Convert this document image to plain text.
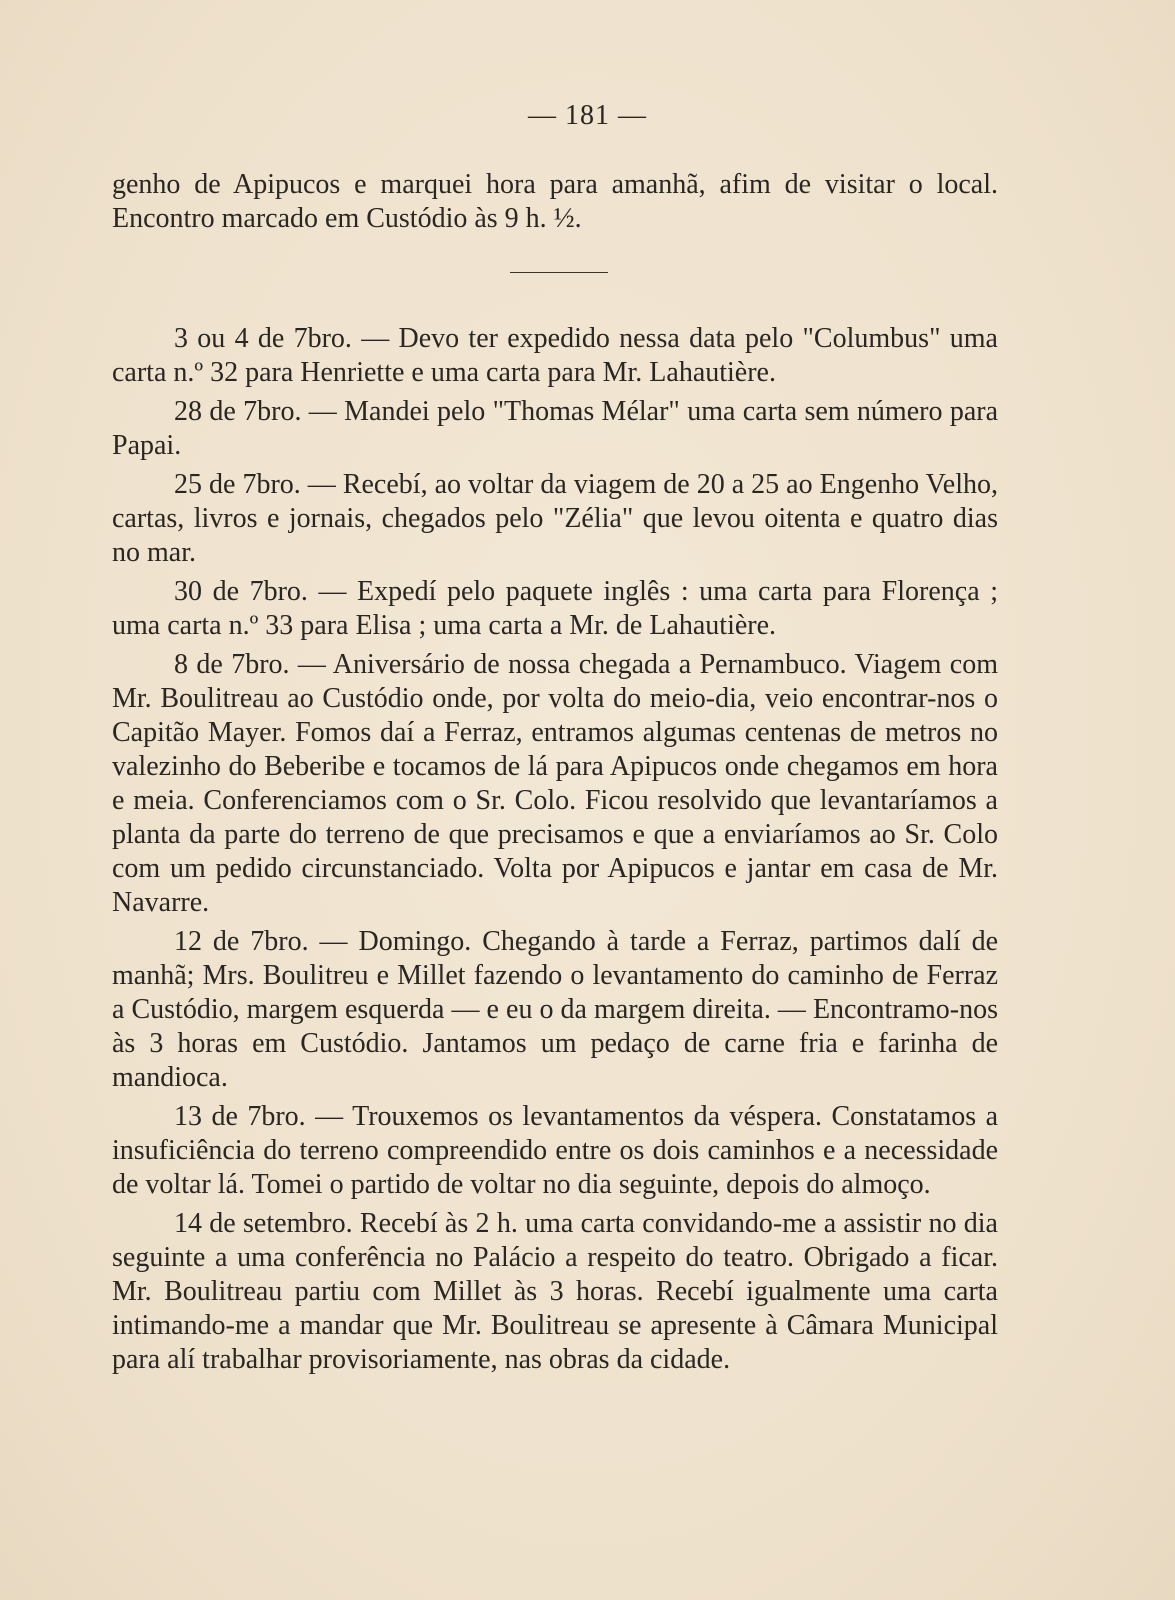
— 181 —

genho de Apipucos e marquei hora para amanhã, afim de visitar o local. Encontro marcado em Custódio às 9 h. ½.

3 ou 4 de 7bro. — Devo ter expedido nessa data pelo "Columbus" uma carta n.º 32 para Henriette e uma carta para Mr. Lahautière.

28 de 7bro. — Mandei pelo "Thomas Mélar" uma carta sem número para Papai.

25 de 7bro. — Recebí, ao voltar da viagem de 20 a 25 ao Engenho Velho, cartas, livros e jornais, chegados pelo "Zélia" que levou oitenta e quatro dias no mar.

30 de 7bro. — Expedí pelo paquete inglês : uma carta para Florença ; uma carta n.º 33 para Elisa ; uma carta a Mr. de Lahautière.

8 de 7bro. — Aniversário de nossa chegada a Pernambuco. Viagem com Mr. Boulitreau ao Custódio onde, por volta do meio-dia, veio encontrar-nos o Capitão Mayer. Fomos daí a Ferraz, entramos algumas centenas de metros no valezinho do Beberibe e tocamos de lá para Apipucos onde chegamos em hora e meia. Conferenciamos com o Sr. Colo. Ficou resolvido que levantaríamos a planta da parte do terreno de que precisamos e que a enviaríamos ao Sr. Colo com um pedido circunstanciado. Volta por Apipucos e jantar em casa de Mr. Navarre.

12 de 7bro. — Domingo. Chegando à tarde a Ferraz, partimos dalí de manhã; Mrs. Boulitreu e Millet fazendo o levantamento do caminho de Ferraz a Custódio, margem esquerda — e eu o da margem direita. — Encontramo-nos às 3 horas em Custódio. Jantamos um pedaço de carne fria e farinha de mandioca.

13 de 7bro. — Trouxemos os levantamentos da véspera. Constatamos a insuficiência do terreno compreendido entre os dois caminhos e a necessidade de voltar lá. Tomei o partido de voltar no dia seguinte, depois do almoço.

14 de setembro. Recebí às 2 h. uma carta convidando-me a assistir no dia seguinte a uma conferência no Palácio a respeito do teatro. Obrigado a ficar. Mr. Boulitreau partiu com Millet às 3 horas. Recebí igualmente uma carta intimando-me a mandar que Mr. Boulitreau se apresente à Câmara Municipal para alí trabalhar provisoriamente, nas obras da cidade.
